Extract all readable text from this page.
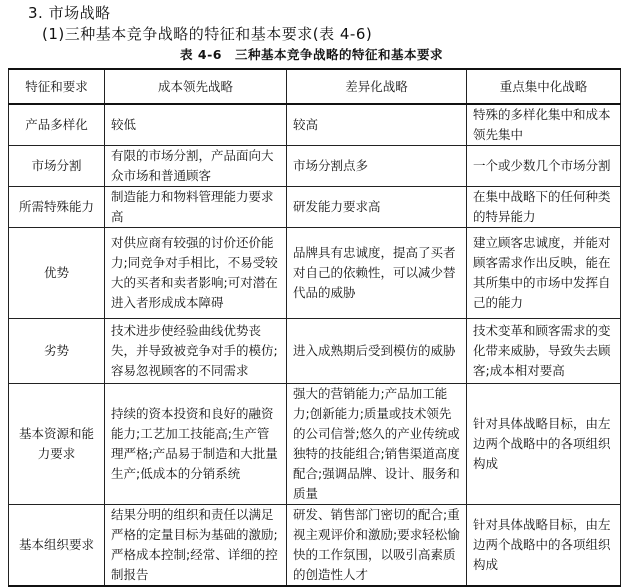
3. 市场战略
(1)三种基本竞争战略的特征和基本要求(表 4-6)
表 4-6　三种基本竞争战略的特征和基本要求
特征和要求	成本领先战略	差异化战略	重点集中化战略
产品多样化	较低	较高	特殊的多样化集中和成本领先集中
市场分割	有限的市场分割，产品面向大众市场和普通顾客	市场分割点多	一个或少数几个市场分割
所需特殊能力	制造能力和物料管理能力要求高	研发能力要求高	在集中战略下的任何种类的特异能力
优势	对供应商有较强的讨价还价能力;同竞争对手相比，不易受较大的买者和卖者影响;可对潜在进入者形成成本障碍	品牌具有忠诚度，提高了买者对自己的依赖性，可以减少替代品的威胁	建立顾客忠诚度，并能对顾客需求作出反映，能在其所集中的市场中发挥自己的能力
劣势	技术进步使经验曲线优势丧失，并导致被竞争对手的模仿;容易忽视顾客的不同需求	进入成熟期后受到模仿的威胁	技术变革和顾客需求的变化带来威胁，导致失去顾客;成本相对要高
基本资源和能力要求	持续的资本投资和良好的融资能力;工艺加工技能高;生产管理严格;产品易于制造和大批量生产;低成本的分销系统	强大的营销能力;产品加工能力;创新能力;质量或技术领先的公司信誉;悠久的产业传统或独特的技能组合;销售渠道高度配合;强调品牌、设计、服务和质量	针对具体战略目标，由左边两个战略中的各项组织构成
基本组织要求	结果分明的组织和责任以满足严格的定量目标为基础的激励;严格成本控制;经常、详细的控制报告	研发、销售部门密切的配合;重视主观评价和激励;要求轻松愉快的工作氛围，以吸引高素质的创造性人才	针对具体战略目标，由左边两个战略中的各项组织构成
